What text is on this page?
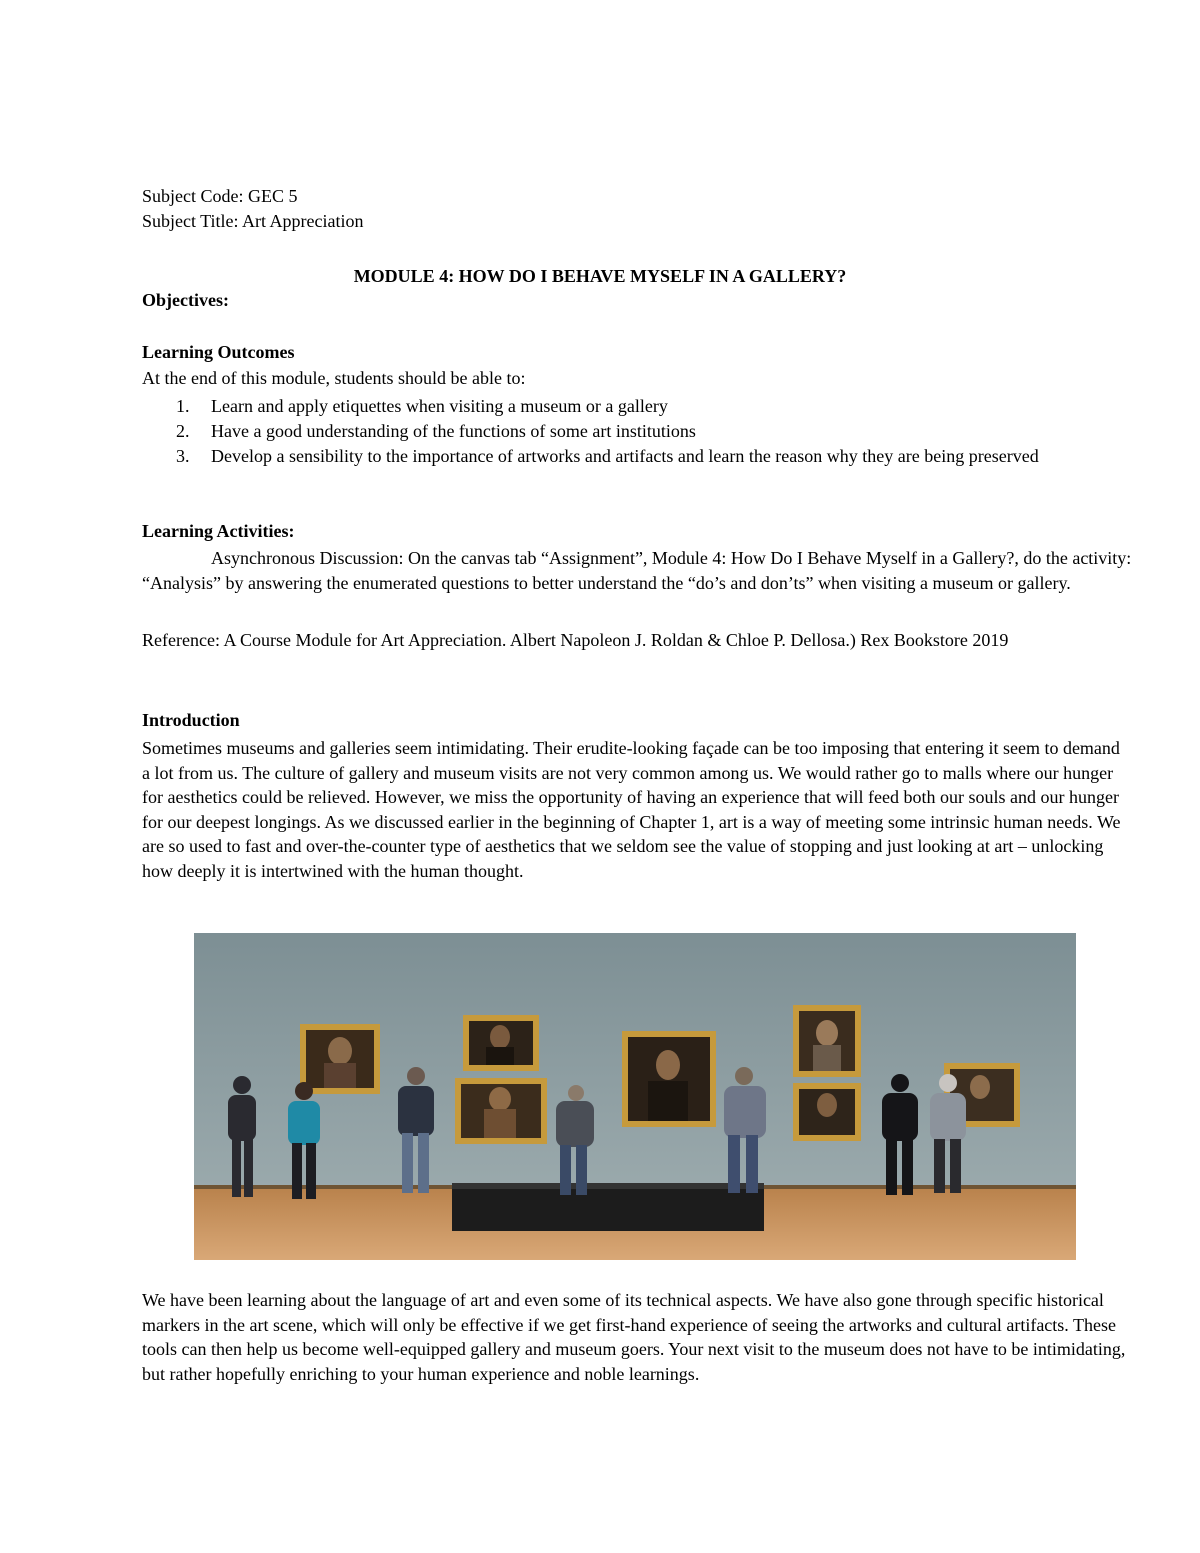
Subject Code: GEC 5
Subject Title: Art Appreciation
MODULE 4: HOW DO I BEHAVE MYSELF IN A GALLERY?
Objectives:
Learning Outcomes
At the end of this module, students should be able to:
1. Learn and apply etiquettes when visiting a museum or a gallery
2. Have a good understanding of the functions of some art institutions
3. Develop a sensibility to the importance of artworks and artifacts and learn the reason why they are being preserved
Learning Activities:
Asynchronous Discussion: On the canvas tab “Assignment”, Module 4: How Do I Behave Myself in a Gallery?, do the activity: “Analysis” by answering the enumerated questions to better understand the “do’s and don’ts” when visiting a museum or gallery.
Reference: A Course Module for Art Appreciation. Albert Napoleon J. Roldan & Chloe P. Dellosa.) Rex Bookstore 2019
Introduction
Sometimes museums and galleries seem intimidating. Their erudite-looking façade can be too imposing that entering it seem to demand a lot from us. The culture of gallery and museum visits are not very common among us. We would rather go to malls where our hunger for aesthetics could be relieved. However, we miss the opportunity of having an experience that will feed both our souls and our hunger for our deepest longings. As we discussed earlier in the beginning of Chapter 1, art is a way of meeting some intrinsic human needs. We are so used to fast and over-the-counter type of aesthetics that we seldom see the value of stopping and just looking at art – unlocking how deeply it is intertwined with the human thought.
We have been learning about the language of art and even some of its technical aspects. We have also gone through specific historical markers in the art scene, which will only be effective if we get first-hand experience of seeing the artworks and cultural artifacts. These tools can then help us become well-equipped gallery and museum goers. Your next visit to the museum does not have to be intimidating, but rather hopefully enriching to your human experience and noble learnings.
